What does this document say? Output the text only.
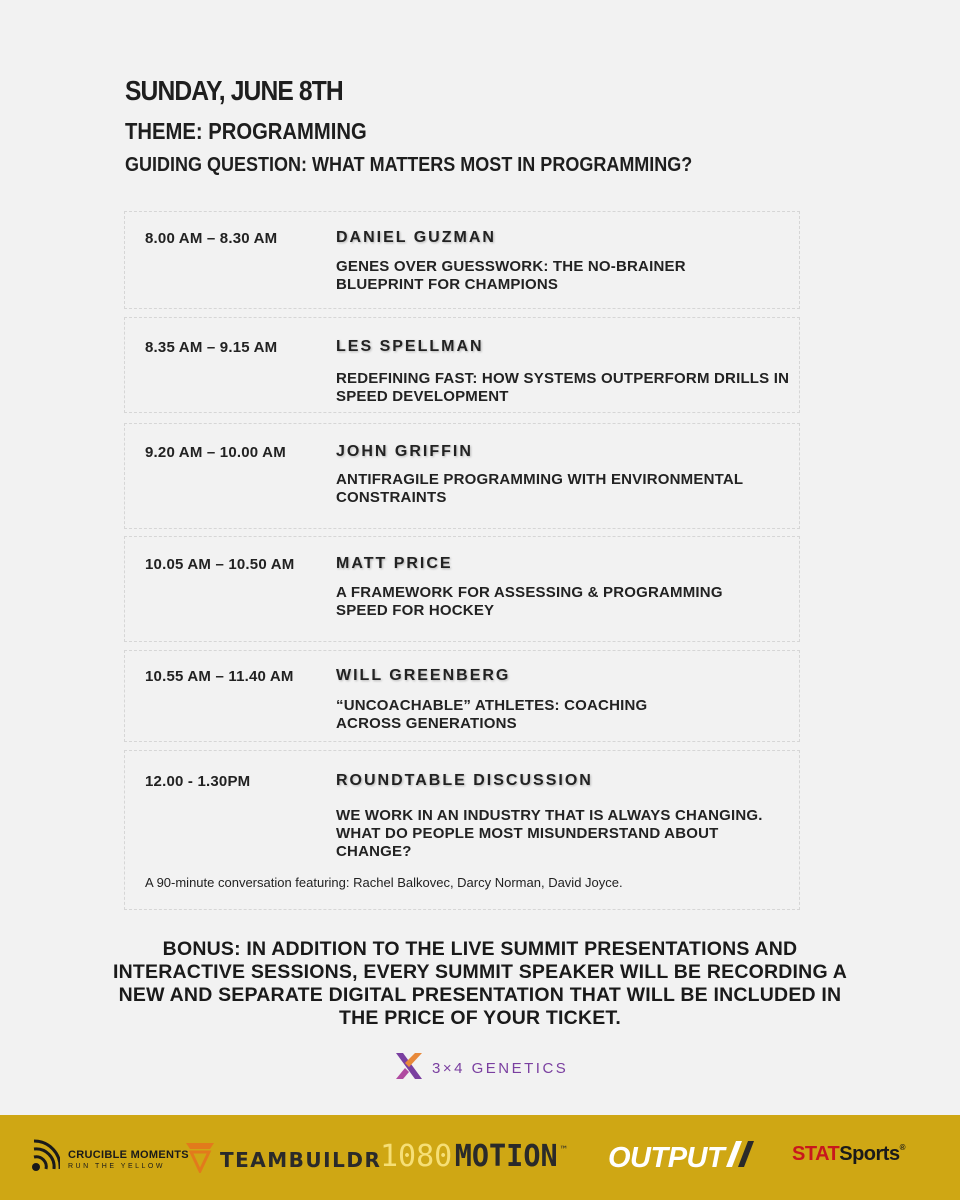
SUNDAY, JUNE 8TH
THEME: PROGRAMMING
GUIDING QUESTION: WHAT MATTERS MOST IN PROGRAMMING?
8.00 AM – 8.30 AM	DANIEL GUZMAN
GENES OVER GUESSWORK: THE NO-BRAINER BLUEPRINT FOR CHAMPIONS
8.35 AM – 9.15 AM	LES SPELLMAN
REDEFINING FAST: HOW SYSTEMS OUTPERFORM DRILLS IN SPEED DEVELOPMENT
9.20 AM – 10.00 AM	JOHN GRIFFIN
ANTIFRAGILE PROGRAMMING WITH ENVIRONMENTAL CONSTRAINTS
10.05 AM – 10.50 AM	MATT PRICE
A FRAMEWORK FOR ASSESSING & PROGRAMMING SPEED FOR HOCKEY
10.55 AM – 11.40 AM	WILL GREENBERG
“UNCOACHABLE” ATHLETES: COACHING ACROSS GENERATIONS
12.00 - 1.30PM	ROUNDTABLE DISCUSSION
WE WORK IN AN INDUSTRY THAT IS ALWAYS CHANGING. WHAT DO PEOPLE MOST MISUNDERSTAND ABOUT CHANGE?
A 90-minute conversation featuring: Rachel Balkovec, Darcy Norman, David Joyce.
BONUS: IN ADDITION TO THE LIVE SUMMIT PRESENTATIONS AND INTERACTIVE SESSIONS, EVERY SUMMIT SPEAKER WILL BE RECORDING A NEW AND SEPARATE DIGITAL PRESENTATION THAT WILL BE INCLUDED IN THE PRICE OF YOUR TICKET.
3×4 GENETICS
CRUCIBLE MOMENTS
RUN THE YELLOW	TEAMBUILDR
1080 MOTION ™ OUTPUT	STAT Sports ®
